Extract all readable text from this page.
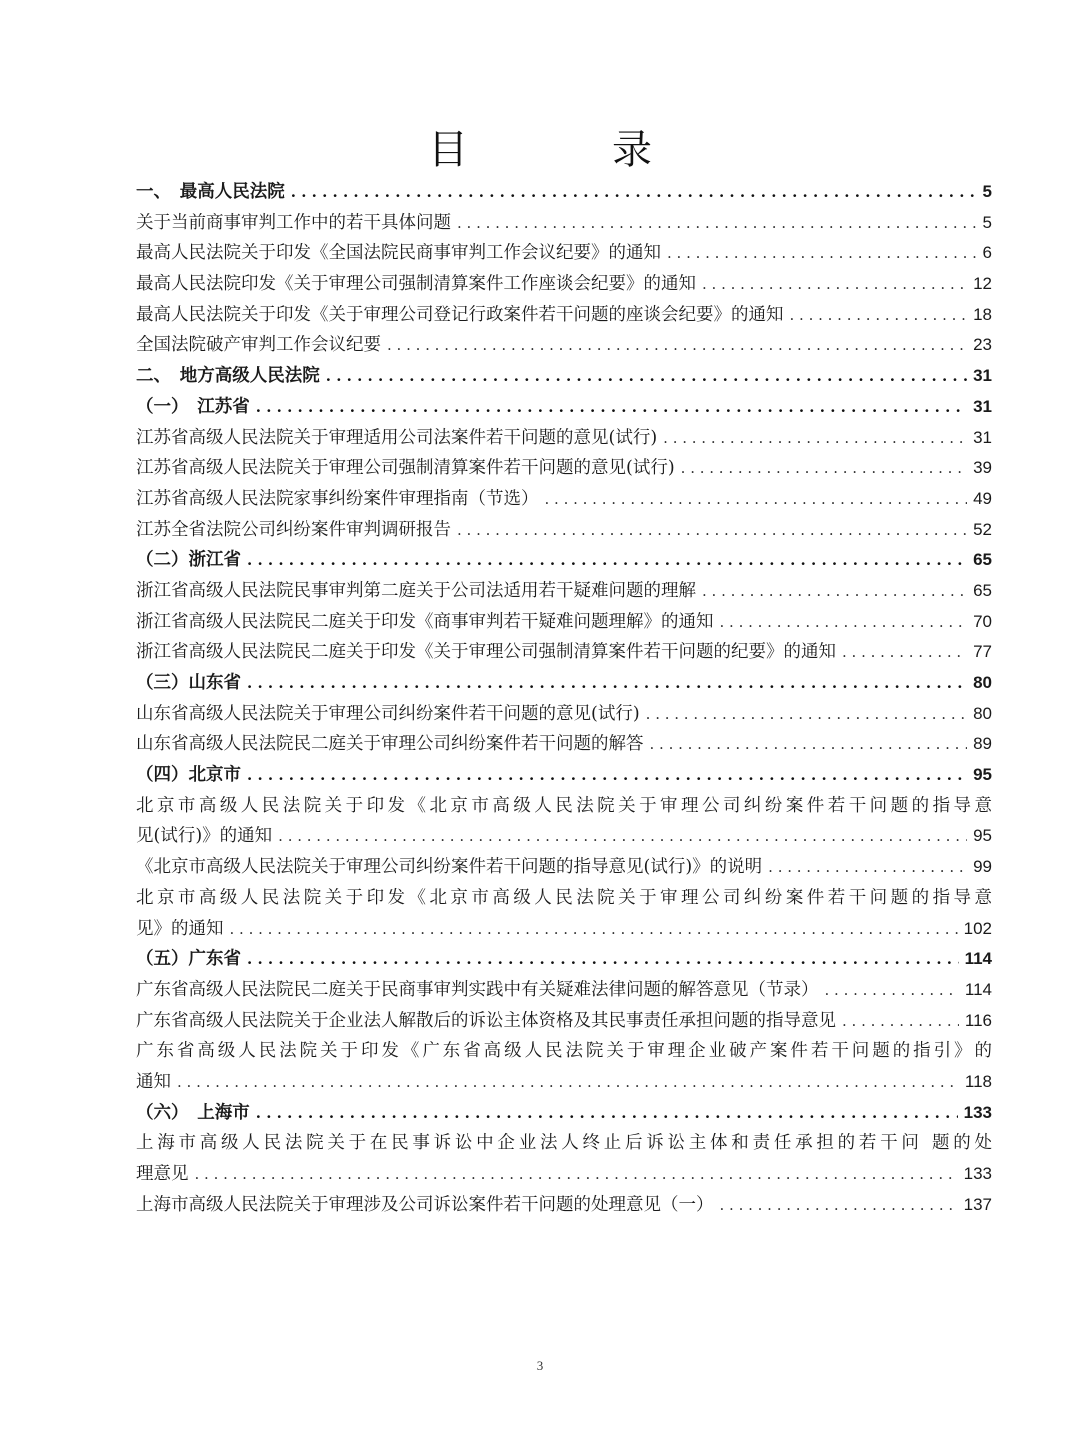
目　录
一、　最高人民法院 . . .	5
关于当前商事审判工作中的若干具体问题 . . .	5
最高人民法院关于印发《全国法院民商事审判工作会议纪要》的通知 . . .	6
最高人民法院印发《关于审理公司强制清算案件工作座谈会纪要》的通知 . . .	12
最高人民法院关于印发《关于审理公司登记行政案件若干问题的座谈会纪要》的通知 . . .	18
全国法院破产审判工作会议纪要 . . .	23
二、　地方高级人民法院 . . .	31
（一）　江苏省 . . .	31
江苏省高级人民法院关于审理适用公司法案件若干问题的意见(试行) . . .	31
江苏省高级人民法院关于审理公司强制清算案件若干问题的意见(试行) . . .	39
江苏省高级人民法院家事纠纷案件审理指南（节选） . . .	49
江苏全省法院公司纠纷案件审判调研报告 . . .	52
（二）浙江省 . . .	65
浙江省高级人民法院民事审判第二庭关于公司法适用若干疑难问题的理解 . . .	65
浙江省高级人民法院民二庭关于印发《商事审判若干疑难问题理解》的通知 . . .	70
浙江省高级人民法院民二庭关于印发《关于审理公司强制清算案件若干问题的纪要》的通知 . . .	77
（三）山东省 . . .	80
山东省高级人民法院关于审理公司纠纷案件若干问题的意见(试行) . . .	80
山东省高级人民法院民二庭关于审理公司纠纷案件若干问题的解答 . . .	89
（四）北京市 . . .	95
北京市高级人民法院关于印发《北京市高级人民法院关于审理公司纠纷案件若干问题的指导意
见(试行)》的通知 . . .	95
《北京市高级人民法院关于审理公司纠纷案件若干问题的指导意见(试行)》的说明 . . .	99
北京市高级人民法院关于印发《北京市高级人民法院关于审理公司纠纷案件若干问题的指导意
见》的通知 . . .	102
（五）广东省 . . .	114
广东省高级人民法院民二庭关于民商事审判实践中有关疑难法律问题的解答意见（节录） . . .	114
广东省高级人民法院关于企业法人解散后的诉讼主体资格及其民事责任承担问题的指导意见 . . .	116
广东省高级人民法院关于印发《广东省高级人民法院关于审理企业破产案件若干问题的指引》的
通知 . . .	118
（六）　上海市 . . .	133
上海市高级人民法院关于在民事诉讼中企业法人终止后诉讼主体和责任承担的若干问 题的处
理意见 . . .	133
上海市高级人民法院关于审理涉及公司诉讼案件若干问题的处理意见（一） . . .	137
3
